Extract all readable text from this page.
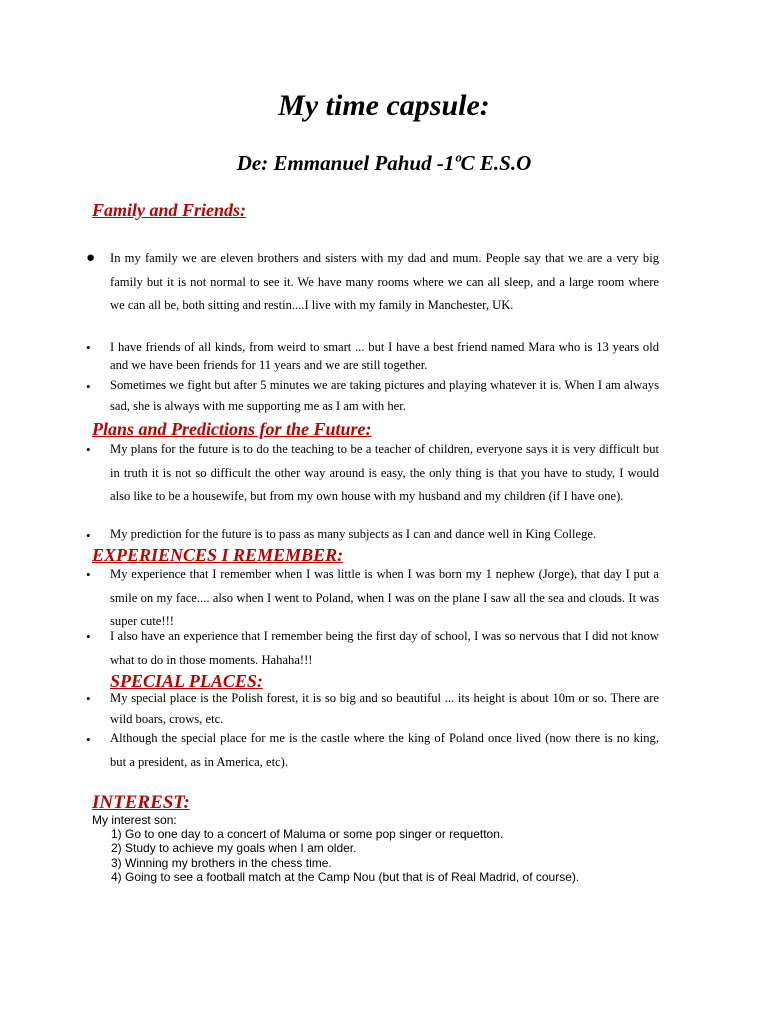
My time capsule:
De: Emmanuel Pahud -1ºC E.S.O
Family and Friends:
● In my family we are eleven brothers and sisters with my dad and mum. People say that we are a very big family but it is not normal to see it. We have many rooms where we can all sleep, and a large room where we can all be, both sitting and restin....I live with my family in Manchester, UK.
• I have friends of all kinds, from weird to smart ... but I have a best friend named Mara who is 13 years old and we have been friends for 11 years and we are still together.
• Sometimes we fight but after 5 minutes we are taking pictures and playing whatever it is. When I am always sad, she is always with me supporting me as I am with her.
Plans and Predictions for the Future:
• My plans for the future is to do the teaching to be a teacher of children, everyone says it is very difficult but in truth it is not so difficult the other way around is easy, the only thing is that you have to study, I would also like to be a housewife, but from my own house with my husband and my children (if I have one).
• My prediction for the future is to pass as many subjects as I can and dance well in King College.
EXPERIENCES I REMEMBER:
• My experience that I remember when I was little is when I was born my 1 nephew (Jorge), that day I put a smile on my face.... also when I went to Poland, when I was on the plane I saw all the sea and clouds. It was super cute!!!
• I also have an experience that I remember being the first day of school, I was so nervous that I did not know what to do in those moments. Hahaha!!!
SPECIAL PLACES:
• My special place is the Polish forest, it is so big and so beautiful ... its height is about 10m or so. There are wild boars, crows, etc.
• Although the special place for me is the castle where the king of Poland once lived (now there is no king, but a president, as in America, etc).
INTEREST:
My interest son:
1) Go to one day to a concert of Maluma or some pop singer or requetton.
2) Study to achieve my goals when I am older.
3) Winning my brothers in the chess time.
4) Going to see a football match at the Camp Nou (but that is of Real Madrid, of course).
